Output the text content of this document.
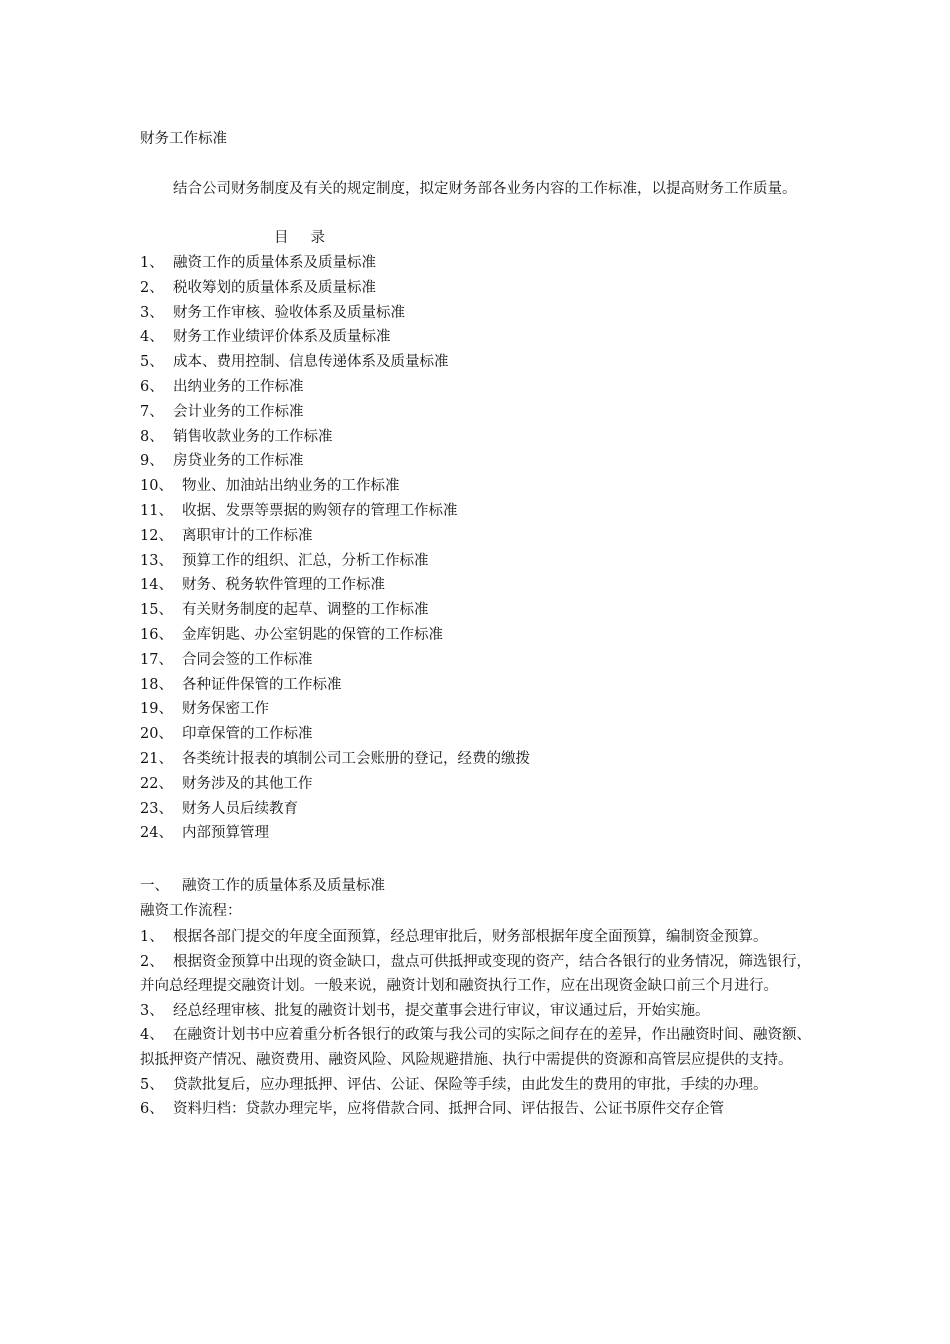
财务工作标准

结合公司财务制度及有关的规定制度，拟定财务部各业务内容的工作标准，以提高财务工作质量。

目 录
1、 融资工作的质量体系及质量标准
2、 税收筹划的质量体系及质量标准
3、 财务工作审核、验收体系及质量标准
4、 财务工作业绩评价体系及质量标准
5、 成本、费用控制、信息传递体系及质量标准
6、 出纳业务的工作标准
7、 会计业务的工作标准
8、 销售收款业务的工作标准
9、 房贷业务的工作标准
10、 物业、加油站出纳业务的工作标准
11、 收据、发票等票据的购领存的管理工作标准
12、 离职审计的工作标准
13、 预算工作的组织、汇总，分析工作标准
14、 财务、税务软件管理的工作标准
15、 有关财务制度的起草、调整的工作标准
16、 金库钥匙、办公室钥匙的保管的工作标准
17、 合同会签的工作标准
18、 各种证件保管的工作标准
19、 财务保密工作
20、 印章保管的工作标准
21、 各类统计报表的填制公司工会账册的登记，经费的缴拨
22、 财务涉及的其他工作
23、 财务人员后续教育
24、 内部预算管理
一、 融资工作的质量体系及质量标准
融资工作流程：
1、 根据各部门提交的年度全面预算，经总理审批后，财务部根据年度全面预算，编制资金预算。
2、 根据资金预算中出现的资金缺口，盘点可供抵押或变现的资产，结合各银行的业务情况，筛选银行，并向总经理提交融资计划。一般来说，融资计划和融资执行工作，应在出现资金缺口前三个月进行。
3、 经总经理审核、批复的融资计划书，提交董事会进行审议，审议通过后，开始实施。
4、 在融资计划书中应着重分析各银行的政策与我公司的实际之间存在的差异，作出融资时间、融资额、拟抵押资产情况、融资费用、融资风险、风险规避措施、执行中需提供的资源和高管层应提供的支持。
5、 贷款批复后，应办理抵押、评估、公证、保险等手续，由此发生的费用的审批，手续的办理。
6、 资料归档：贷款办理完毕，应将借款合同、抵押合同、评估报告、公证书原件交存企管
